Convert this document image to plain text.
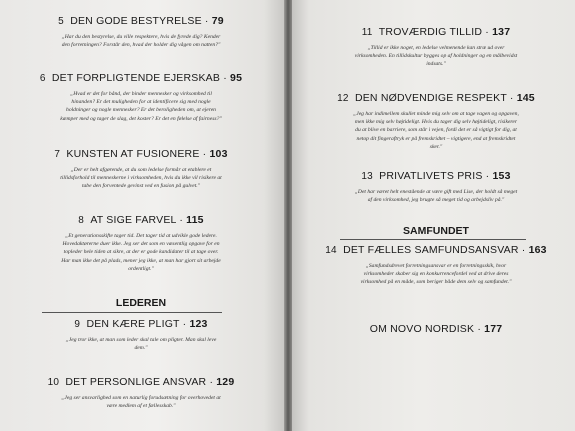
5 DEN GODE BESTYRELSE · 79
„Har du den bestyrelse, du ville respektere, hvis de fyrede dig? Kender
den forretningen? Forstår den, hvad der holder dig vågen om natten?"
6 DET FORPLIGTENDE EJERSKAB · 95
„Hvad er det for bånd, der binder mennesker og virksomhed til
hinanden? Er det muligheden for at identificere sig med nogle
holdninger og nogle mennesker? Er det beroligheden om, at ejeren
kæmper med og tager de slag, det koster? Er det en følelse af fairness?"
7 KUNSTEN AT FUSIONERE · 103
„Der er helt afgørende, at du som ledelse formår at etablere et
tillidsforhold til menneskerne i virksomheden, hvis du ikke vil risikere at
tabe den forventede gevinst ved en fusion på gulvet."
8 AT SIGE FARVEL · 115
„Et generationsskifte tager tid. Det tager tid at udvikle gode ledere.
Hovedaktørerne duer ikke. Jeg ser det som en væsentlig opgave for en
topleder hele tiden at sikre, at der er gode kandidater til at tage over.
Har man ikke det på plads, mener jeg ikke, at man har gjort sit arbejde
ordentligt."
LEDEREN
9 DEN KÆRE PLIGT · 123
„Jeg tror ikke, at man som leder skal tale om pligter. Man skal leve
dem."
10 DET PERSONLIGE ANSVAR · 129
„Jeg ser ansvarlighed som en naturlig forudsætning for overhovedet at
være medlem af et fællesskab."
11 TROVÆRDIG TILLID · 137
„Tillid er ikke noget, en ledelse velmenende kan stræ ud over
virksomheden. En tillidskultur bygges op af holdninger og en målbevidst
indsats."
12 DEN NØDVENDIGE RESPEKT · 145
„Jeg har indimellem skullet minde mig selv om at tage vagen og opgaven,
men ikke mig selv højtideligt. Hvis du tager dig selv højtideligt, risikerer
du at blive en barriere, som står i vejen, fordi det er så vigtigt for dig, at
netop dit fingeraftryk er på fremskridtet – vigtigere, end at fremskridtet
sker."
13 PRIVATLIVETS PRIS · 153
„Det har været helt enestående at være gift med Lise, der holdt så meget
af den virksomhed, jeg brugte så meget tid og arbejdsliv på."
SAMFUNDET
14 DET FÆLLES SAMFUNDSANSVAR · 163
„Samfundsdrevet forretningsansvar er en forretningsskik, hvor
virksomheder skaber sig en konkurrencefordel ved at drive deres
virksomhed på en måde, som beriger både dem selv og samfundet."
OM NOVO NORDISK · 177
